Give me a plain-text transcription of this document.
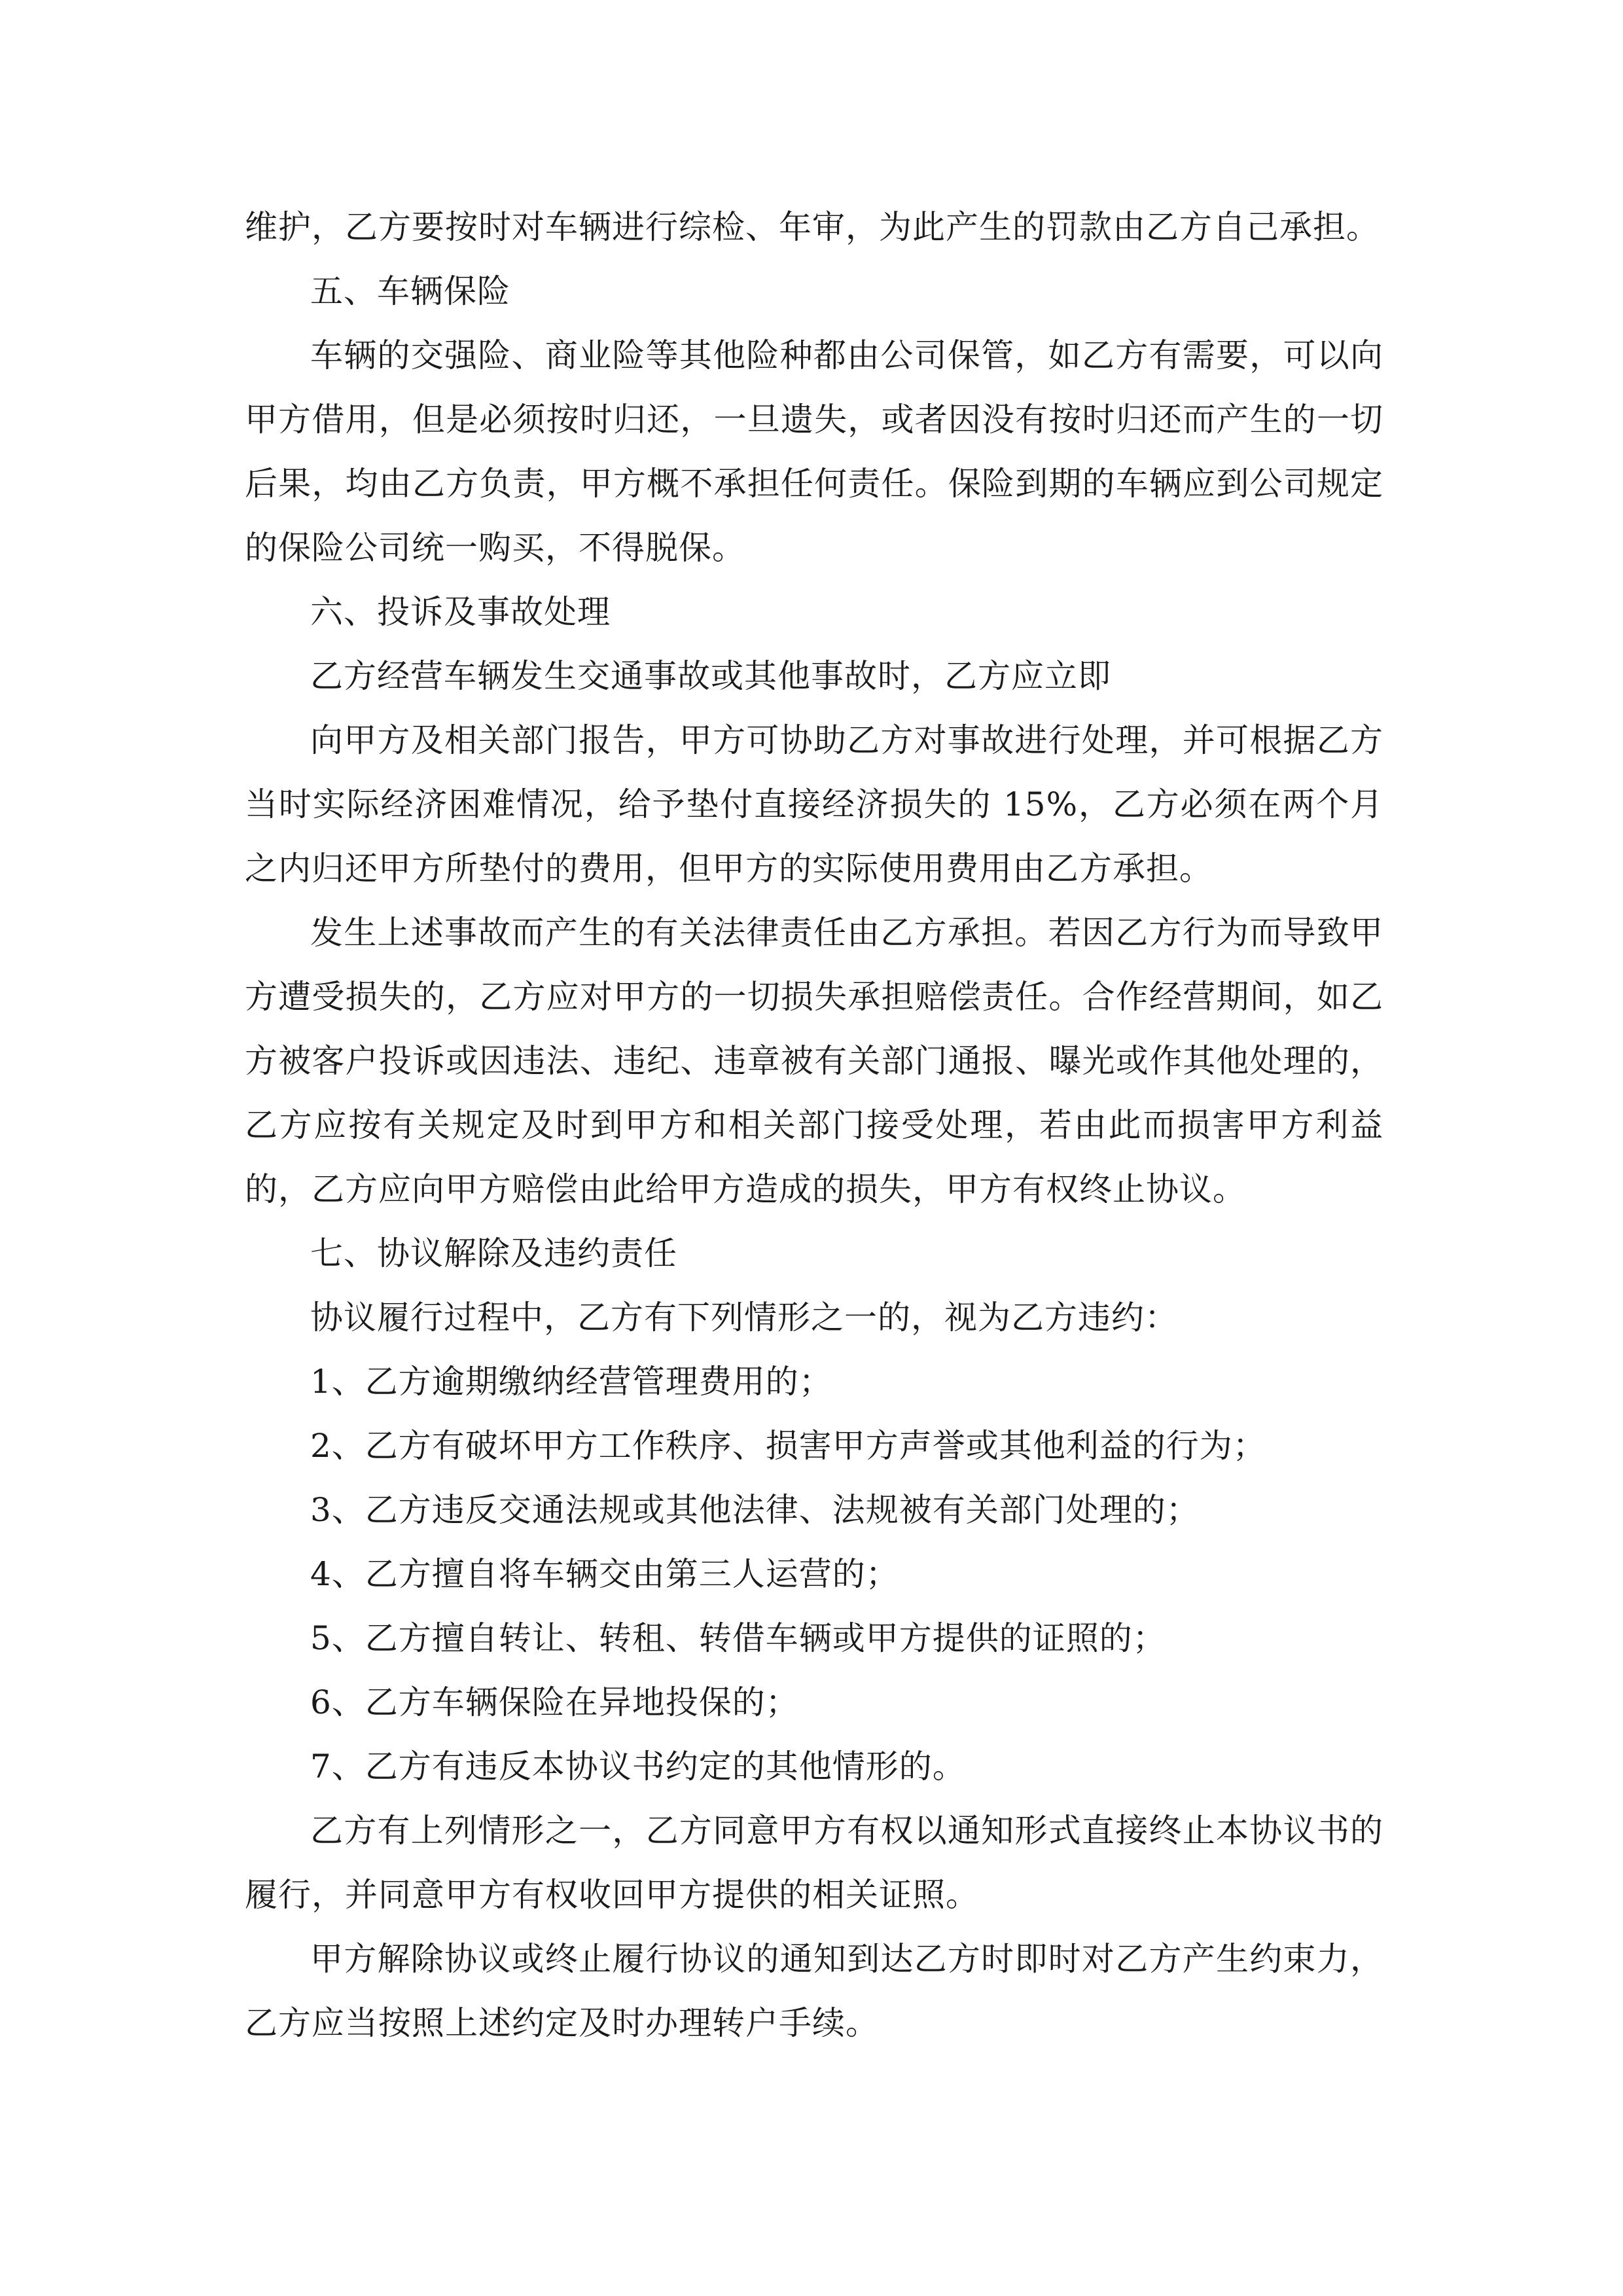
维护，乙方要按时对车辆进行综检、年审，为此产生的罚款由乙方自己承担。

五、车辆保险

车辆的交强险、商业险等其他险种都由公司保管，如乙方有需要，可以向甲方借用，但是必须按时归还，一旦遗失，或者因没有按时归还而产生的一切后果，均由乙方负责，甲方概不承担任何责任。保险到期的车辆应到公司规定的保险公司统一购买，不得脱保。

六、投诉及事故处理

乙方经营车辆发生交通事故或其他事故时，乙方应立即

向甲方及相关部门报告，甲方可协助乙方对事故进行处理，并可根据乙方当时实际经济困难情况，给予垫付直接经济损失的 15%，乙方必须在两个月之内归还甲方所垫付的费用，但甲方的实际使用费用由乙方承担。

发生上述事故而产生的有关法律责任由乙方承担。若因乙方行为而导致甲方遭受损失的，乙方应对甲方的一切损失承担赔偿责任。合作经营期间，如乙方被客户投诉或因违法、违纪、违章被有关部门通报、曝光或作其他处理的，乙方应按有关规定及时到甲方和相关部门接受处理，若由此而损害甲方利益的，乙方应向甲方赔偿由此给甲方造成的损失，甲方有权终止协议。

七、协议解除及违约责任

协议履行过程中，乙方有下列情形之一的，视为乙方违约：

1、乙方逾期缴纳经营管理费用的；

2、乙方有破坏甲方工作秩序、损害甲方声誉或其他利益的行为；

3、乙方违反交通法规或其他法律、法规被有关部门处理的；

4、乙方擅自将车辆交由第三人运营的；

5、乙方擅自转让、转租、转借车辆或甲方提供的证照的；

6、乙方车辆保险在异地投保的；

7、乙方有违反本协议书约定的其他情形的。

乙方有上列情形之一，乙方同意甲方有权以通知形式直接终止本协议书的履行，并同意甲方有权收回甲方提供的相关证照。

甲方解除协议或终止履行协议的通知到达乙方时即时对乙方产生约束力，乙方应当按照上述约定及时办理转户手续。
